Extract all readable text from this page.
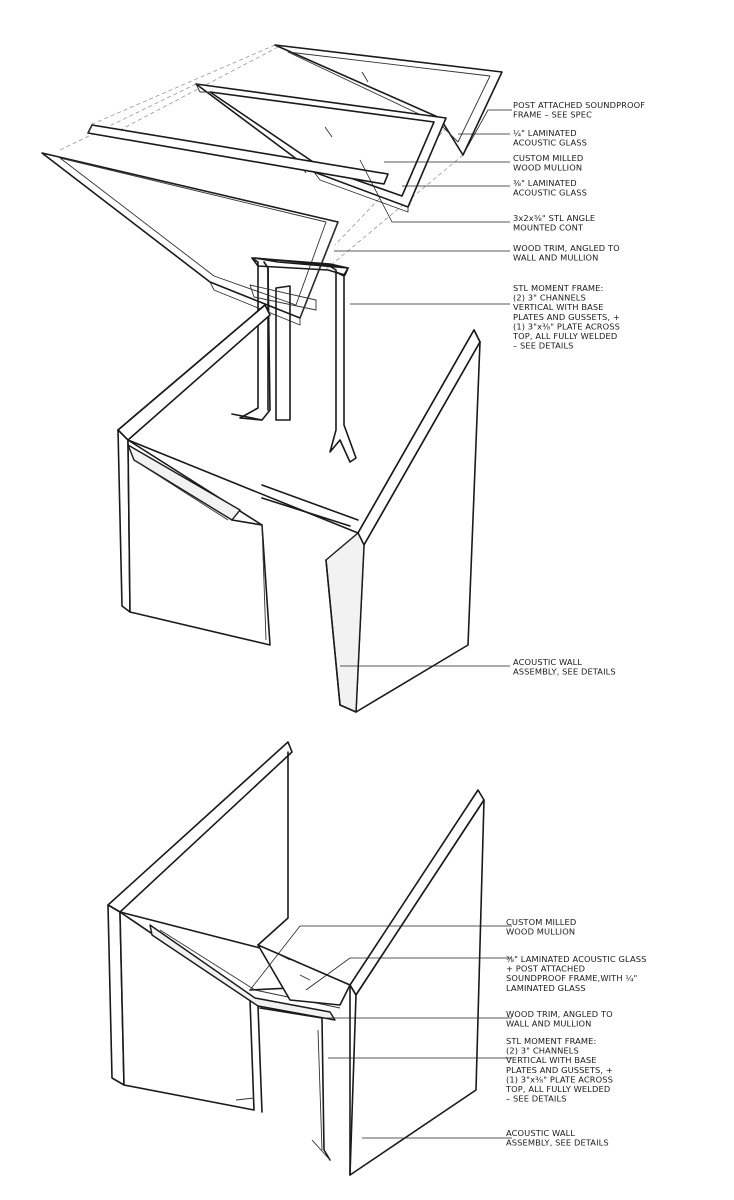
POST ATTACHED SOUNDPROOF FRAME – SEE SPEC
¼" LAMINATED ACOUSTIC GLASS
CUSTOM MILLED WOOD MULLION
⅜" LAMINATED ACOUSTIC GLASS
3x2x⅜" STL ANGLE MOUNTED CONT
WOOD TRIM, ANGLED TO WALL AND MULLION
STL MOMENT FRAME: (2) 3" CHANNELS VERTICAL WITH BASE PLATES AND GUSSETS, + (1) 3"x⅜" PLATE ACROSS TOP, ALL FULLY WELDED – SEE DETAILS
ACOUSTIC WALL ASSEMBLY, SEE DETAILS
CUSTOM MILLED WOOD MULLION
⅜" LAMINATED ACOUSTIC GLASS + POST ATTACHED SOUNDPROOF FRAME,WITH ¼" LAMINATED GLASS
WOOD TRIM, ANGLED TO WALL AND MULLION
STL MOMENT FRAME: (2) 3" CHANNELS VERTICAL WITH BASE PLATES AND GUSSETS, + (1) 3"x⅜" PLATE ACROSS TOP, ALL FULLY WELDED – SEE DETAILS
ACOUSTIC WALL ASSEMBLY, SEE DETAILS
